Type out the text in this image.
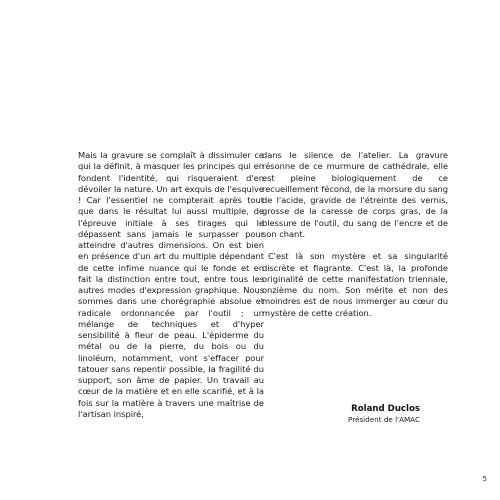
Mais la gravure se complaît à dissimuler ce qui la définit, à masquer les principes qui en fondent l'identité, qui risqueraient d'en dévoiler la nature. Un art exquis de l'esquive ! Car l'essentiel ne compterait après tout que dans le résultat lui aussi multiple, de l'épreuve initiale à ses tirages qui le dépassent sans jamais le surpasser pour atteindre d'autres dimensions. On est bien en présence d'un art du multiple dépendant de cette infime nuance qui le fonde et en fait la distinction entre tout, entre tous les autres modes d'expression graphique. Nous sommes dans une chorégraphie absolue et radicale ordonnancée par l'outil ; un mélange de techniques et d'hyper sensibilité à fleur de peau. L'épiderme du métal ou de la pierre, du bois ou du linoléum, notamment, vont s'effacer pour tatouer sans repentir possible, la fragilité du support, son âme de papier. Un travail au cœur de la matière et en elle scarifié, et à la fois sur la matière à travers une maîtrise de l'artisan inspiré,

dans le silence de l'atelier. La gravure résonne de ce murmure de cathédrale, elle est pleine biologiquement de ce recueillement fécond, de la morsure du sang de l'acide, gravide de l'étreinte des vernis, grosse de la caresse de corps gras, de la blessure de l'outil, du sang de l'encre et de son chant.

C'est là son mystère et sa singularité discrète et flagrante. C'est là, la profonde originalité de cette manifestation triennale, onzième du nom. Son mérite et non des moindres est de nous immerger au cœur du mystère de cette création.

Roland Duclos
Président de l'AMAC
5
